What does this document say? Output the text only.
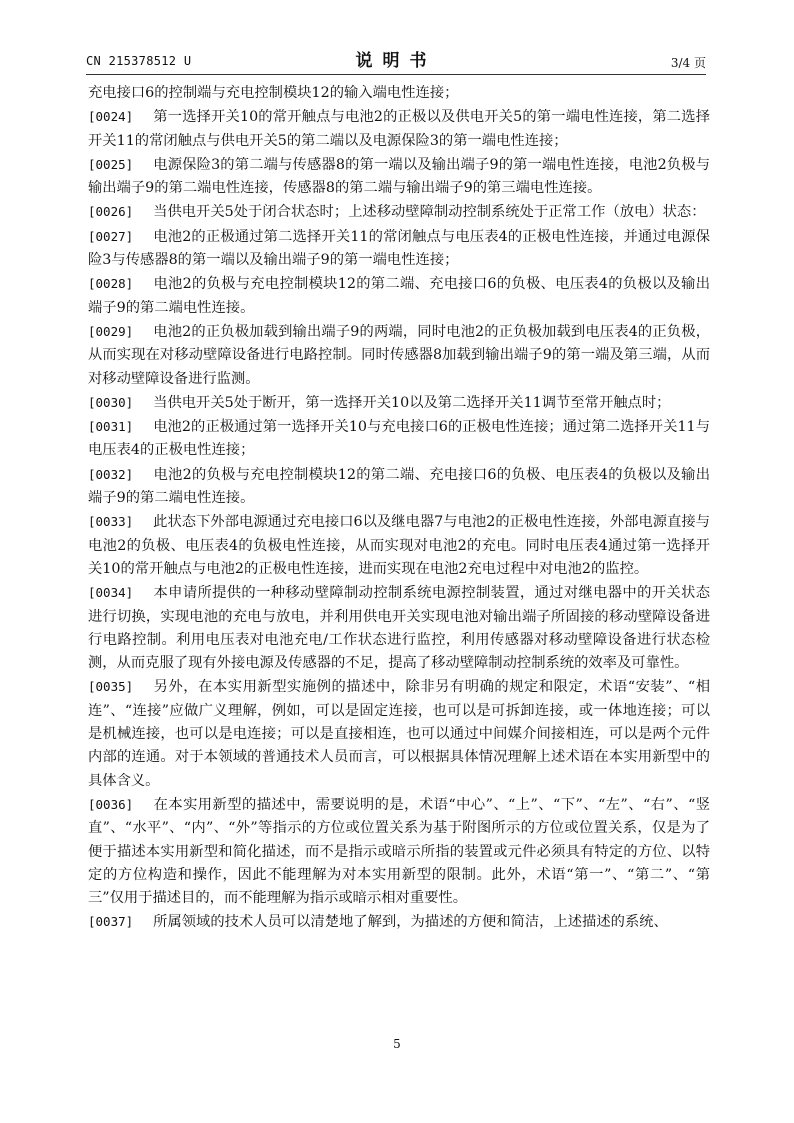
CN 215378512 U	说明书	3/4 页

充电接口6的控制端与充电控制模块12的输入端电性连接；

[0024] 第一选择开关10的常开触点与电池2的正极以及供电开关5的第一端电性连接，第二选择开关11的常闭触点与供电开关5的第二端以及电源保险3的第一端电性连接；

[0025] 电源保险3的第二端与传感器8的第一端以及输出端子9的第一端电性连接，电池2负极与输出端子9的第二端电性连接，传感器8的第二端与输出端子9的第三端电性连接。

[0026] 当供电开关5处于闭合状态时；上述移动壁障制动控制系统处于正常工作（放电）状态：

[0027] 电池2的正极通过第二选择开关11的常闭触点与电压表4的正极电性连接，并通过电源保险3与传感器8的第一端以及输出端子9的第一端电性连接；

[0028] 电池2的负极与充电控制模块12的第二端、充电接口6的负极、电压表4的负极以及输出端子9的第二端电性连接。

[0029] 电池2的正负极加载到输出端子9的两端，同时电池2的正负极加载到电压表4的正负极，从而实现在对移动壁障设备进行电路控制。同时传感器8加载到输出端子9的第一端及第三端，从而对移动壁障设备进行监测。

[0030] 当供电开关5处于断开，第一选择开关10以及第二选择开关11调节至常开触点时；

[0031] 电池2的正极通过第一选择开关10与充电接口6的正极电性连接；通过第二选择开关11与电压表4的正极电性连接；

[0032] 电池2的负极与充电控制模块12的第二端、充电接口6的负极、电压表4的负极以及输出端子9的第二端电性连接。

[0033] 此状态下外部电源通过充电接口6以及继电器7与电池2的正极电性连接，外部电源直接与电池2的负极、电压表4的负极电性连接，从而实现对电池2的充电。同时电压表4通过第一选择开关10的常开触点与电池2的正极电性连接，进而实现在电池2充电过程中对电池2的监控。

[0034] 本申请所提供的一种移动壁障制动控制系统电源控制装置，通过对继电器中的开关状态进行切换，实现电池的充电与放电，并利用供电开关实现电池对输出端子所固接的移动壁障设备进行电路控制。利用电压表对电池充电/工作状态进行监控，利用传感器对移动壁障设备进行状态检测，从而克服了现有外接电源及传感器的不足，提高了移动壁障制动控制系统的效率及可靠性。

[0035] 另外，在本实用新型实施例的描述中，除非另有明确的规定和限定，术语“安装”、“相连”、“连接”应做广义理解，例如，可以是固定连接，也可以是可拆卸连接，或一体地连接；可以是机械连接，也可以是电连接；可以是直接相连，也可以通过中间媒介间接相连，可以是两个元件内部的连通。对于本领域的普通技术人员而言，可以根据具体情况理解上述术语在本实用新型中的具体含义。

[0036] 在本实用新型的描述中，需要说明的是，术语“中心”、“上”、“下”、“左”、“右”、“竖直”、“水平”、“内”、“外”等指示的方位或位置关系为基于附图所示的方位或位置关系，仅是为了便于描述本实用新型和简化描述，而不是指示或暗示所指的装置或元件必须具有特定的方位、以特定的方位构造和操作，因此不能理解为对本实用新型的限制。此外，术语“第一”、“第二”、“第三”仅用于描述目的，而不能理解为指示或暗示相对重要性。

[0037] 所属领域的技术人员可以清楚地了解到，为描述的方便和简洁，上述描述的系统、

5
